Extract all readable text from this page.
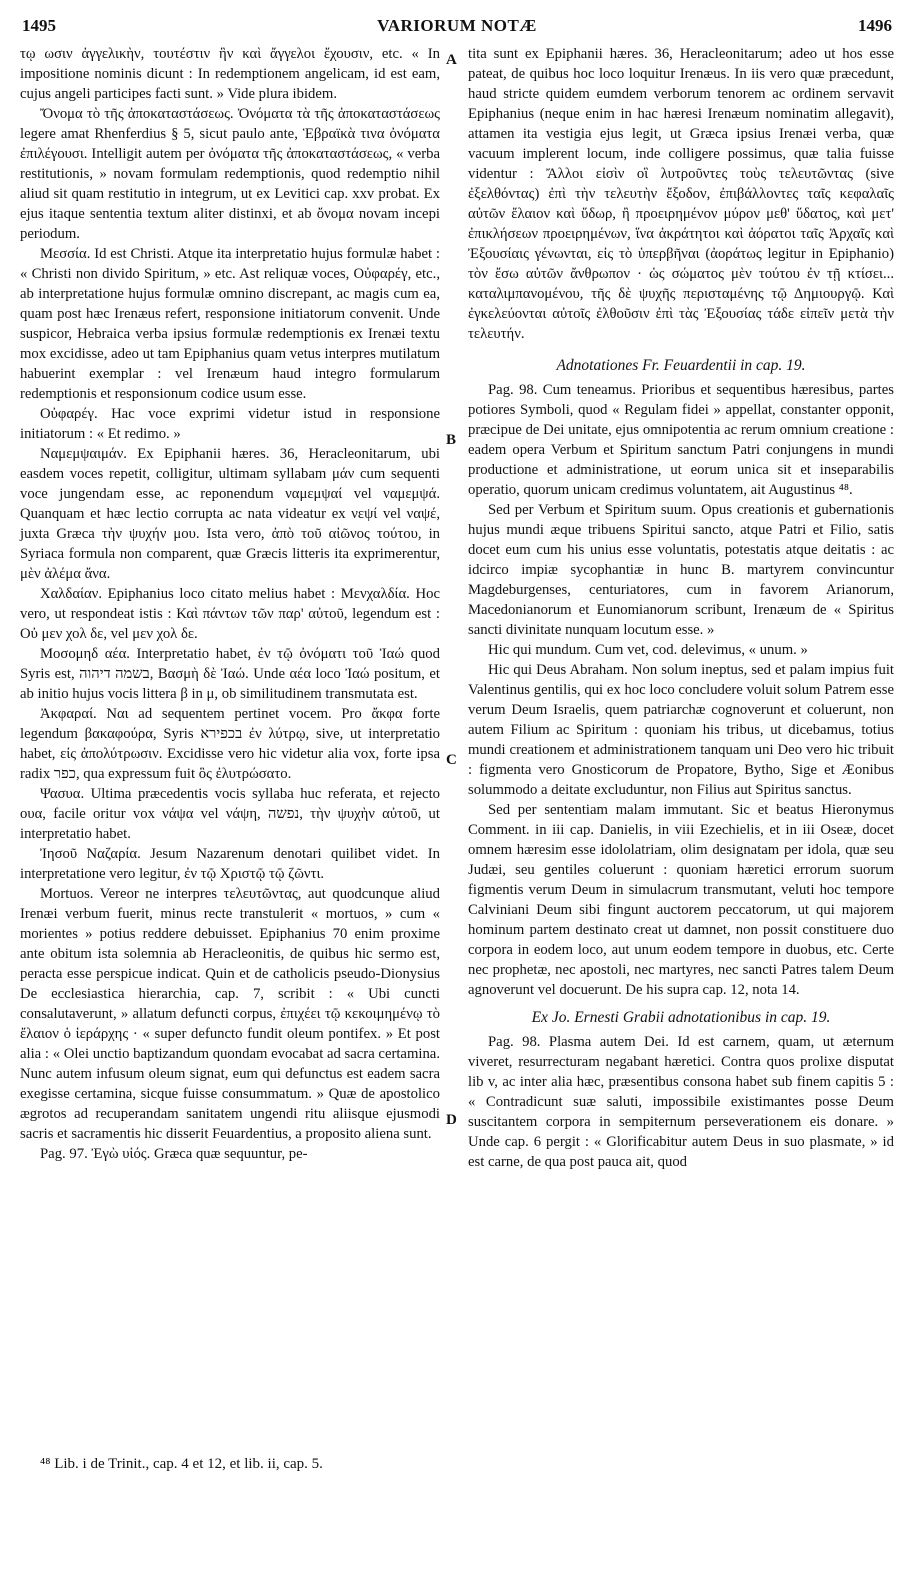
1495	VARIORUM NOTÆ	1496
A
B
C
D

τῳ ωσιν ἀγγελικὴν, τουτέστιν ἣν καὶ ἄγγελοι ἔχουσιν, etc. « In impositione nominis dicunt : In redemptionem angelicam, id est eam, cujus angeli participes facti sunt. » Vide plura ibidem.

Ὄνομα τὸ τῆς ἀποκαταστάσεως. Ὀνόματα τὰ τῆς ἀποκαταστάσεως legere amat Rhenferdius § 5, sicut paulo ante, Ἑβραϊκὰ τινα ὀνόματα ἐπιλέγουσι. Intelligit autem per ὀνόματα τῆς ἀποκαταστάσεως, « verba restitutionis, » novam formulam redemptionis, quod redemptio nihil aliud sit quam restitutio in integrum, ut ex Levitici cap. xxv probat. Ex ejus itaque sententia textum aliter distinxi, et ab ὄνομα novam incepi periodum.

Μεσσία. Id est Christi. Atque ita interpretatio hujus formulæ habet : « Christi non divido Spiritum, » etc. Ast reliquæ voces, Οὐφαρέγ, etc., ab interpretatione hujus formulæ omnino discrepant, ac magis cum ea, quam post hæc Irenæus refert, responsione initiatorum convenit. Unde suspicor, Hebraica verba ipsius formulæ redemptionis ex Irenæi textu mox excidisse, adeo ut tam Epiphanius quam vetus interpres mutilatum habuerint exemplar : vel Irenæum haud integro formularum redemptionis et responsionum codice usum esse.

Οὐφαρέγ. Hac voce exprimi videtur istud in responsione initiatorum : « Et redimo. »

Ναμεμψαιμάν. Ex Epiphanii hæres. 36, Heracleonitarum, ubi easdem voces repetit, colligitur, ultimam syllabam μάν cum sequenti voce jungendam esse, ac reponendum ναμεμψαί vel ναμεμψά. Quanquam et hæc lectio corrupta ac nata videatur ex νεψί vel ναψέ, juxta Græca τὴν ψυχήν μου. Ista vero, ἀπὸ τοῦ αἰῶνος τούτου, in Syriaca formula non comparent, quæ Græcis litteris ita exprimerentur, μὲν ἀλέμα ἄνα.

Χαλδαίαν. Epiphanius loco citato melius habet : Μενχαλδία. Hoc vero, ut respondeat istis : Καὶ πάντων τῶν παρ' αὐτοῦ, legendum est : Οὐ μεν χολ δε, vel μεν χολ δε.

Μοσομηδ αέα. Interpretatio habet, ἐν τῷ ὀνόματι τοῦ Ἰαώ quod Syris est, בשמה דיהוה, Βασμὴ δὲ Ἰαώ. Unde αέα loco Ἰαώ positum, et ab initio hujus vocis littera β in μ, ob similitudinem transmutata est.

Ἀκφαραί. Ναι ad sequentem pertinet vocem. Pro ἄκφα forte legendum βακαφούρα, Syris בכפירא ἐν λύτρῳ, sive, ut interpretatio habet, εἰς ἀπολύτρωσιν. Excidisse vero hic videtur alia vox, forte ipsa radix כפר, qua expressum fuit ὃς ἐλυτρώσατο.

Ψασυα. Ultima præcedentis vocis syllaba huc referata, et rejecto ουα, facile oritur vox νάψα vel νάψη, נפשה, τὴν ψυχὴν αὐτοῦ, ut interpretatio habet.

Ἰησοῦ Ναζαρία. Jesum Nazarenum denotari quilibet videt. In interpretatione vero legitur, ἐν τῷ Χριστῷ τῷ ζῶντι.

Mortuos. Vereor ne interpres τελευτῶντας, aut quodcunque aliud Irenæi verbum fuerit, minus recte transtulerit « mortuos, » cum « morientes » potius reddere debuisset. Epiphanius 70 enim proxime ante obitum ista solemnia ab Heracleonitis, de quibus hic sermo est, peracta esse perspicue indicat. Quin et de catholicis pseudo-Dionysius De ecclesiastica hierarchia, cap. 7, scribit : « Ubi cuncti consalutaverunt, » allatum defuncti corpus, ἐπιχέει τῷ κεκοιμημένῳ τὸ ἔλαιον ὁ ἱεράρχης · « super defuncto fundit oleum pontifex. » Et post alia : « Olei unctio baptizandum quondam evocabat ad sacra certamina. Nunc autem infusum oleum signat, eum qui defunctus est eadem sacra exegisse certamina, sicque fuisse consummatum. » Quæ de apostolico ægrotos ad recuperandam sanitatem ungendi ritu aliisque ejusmodi sacris et sacramentis hic disserit Feuardentius, a proposito aliena sunt.

Pag. 97. Ἐγὼ υἱός. Græca quæ sequuntur, pe-

tita sunt ex Epiphanii hæres. 36, Heracleonitarum; adeo ut hos esse pateat, de quibus hoc loco loquitur Irenæus. In iis vero quæ præcedunt, haud stricte quidem eumdem verborum tenorem ac ordinem servavit Epiphanius (neque enim in hac hæresi Irenæum nominatim allegavit), attamen ita vestigia ejus legit, ut Græca ipsius Irenæi verba, quæ vacuum implerent locum, inde colligere possimus, quæ talia fuisse videntur : Ἄλλοι εἰσὶν οἳ λυτροῦντες τοὺς τελευτῶντας (sive ἐξελθόντας) ἐπὶ τὴν τελευτὴν ἔξοδον, ἐπιβάλλοντες ταῖς κεφαλαῖς αὐτῶν ἔλαιον καὶ ὕδωρ, ἢ προειρημένον μύρον μεθ' ὕδατος, καὶ μετ' ἐπικλήσεων προειρημένων, ἵνα ἀκράτητοι καὶ ἀόρατοι ταῖς Ἀρχαῖς καὶ Ἐξουσίαις γένωνται, εἰς τὸ ὑπερβῆναι (ἀοράτως legitur in Epiphanio) τὸν ἔσω αὐτῶν ἄνθρωπον · ὡς σώματος μὲν τούτου ἐν τῇ κτίσει... καταλιμπανομένου, τῆς δὲ ψυχῆς περισταμένης τῷ Δημιουργῷ. Καὶ ἐγκελεύονται αὐτοῖς ἐλθοῦσιν ἐπὶ τὰς Ἐξουσίας τάδε εἰπεῖν μετὰ τὴν τελευτήν.

Adnotationes Fr. Feuardentii in cap. 19.

Pag. 98. Cum teneamus. Prioribus et sequentibus hæresibus, partes potiores Symboli, quod « Regulam fidei » appellat, constanter opponit, præcipue de Dei unitate, ejus omnipotentia ac rerum omnium creatione : eadem opera Verbum et Spiritum sanctum Patri conjungens in mundi productione et administratione, ut eorum unica sit et inseparabilis operatio, quorum unicam credimus voluntatem, ait Augustinus ⁴⁸.

Sed per Verbum et Spiritum suum. Opus creationis et gubernationis hujus mundi æque tribuens Spiritui sancto, atque Patri et Filio, satis docet eum cum his unius esse voluntatis, potestatis atque deitatis : ac idcirco impiæ sycophantiæ in hunc B. martyrem convincuntur Magdeburgenses, centuriatores, cum in favorem Arianorum, Macedonianorum et Eunomianorum scribunt, Irenæum de « Spiritus sancti divinitate nunquam locutum esse. »

Hic qui mundum. Cum vet, cod. delevimus, « unum. »

Hic qui Deus Abraham. Non solum ineptus, sed et palam impius fuit Valentinus gentilis, qui ex hoc loco concludere voluit solum Patrem esse verum Deum Israelis, quem patriarchæ cognoverunt et coluerunt, non autem Filium ac Spiritum : quoniam his tribus, ut dicebamus, totius mundi creationem et administrationem tanquam uni Deo vero hic tribuit : figmenta vero Gnosticorum de Propatore, Bytho, Sige et Æonibus solummodo a deitate excluduntur, non Filius aut Spiritus sanctus.

Sed per sententiam malam immutant. Sic et beatus Hieronymus Comment. in iii cap. Danielis, in viii Ezechielis, et in iii Oseæ, docet omnem hæresim esse idololatriam, olim designatam per idola, quæ seu Judæi, seu gentiles coluerunt : quoniam hæretici errorum suorum figmentis verum Deum in simulacrum transmutant, veluti hoc tempore Calviniani Deum sibi fingunt auctorem peccatorum, ut qui majorem hominum partem destinato creat ut damnet, non possit constituere duo corpora in eodem loco, aut unum eodem tempore in duobus, etc. Certe nec prophetæ, nec apostoli, nec martyres, nec sancti Patres talem Deum agnoverunt vel docuerunt. De his supra cap. 12, nota 14.

Ex Jo. Ernesti Grabii adnotationibus in cap. 19.

Pag. 98. Plasma autem Dei. Id est carnem, quam, ut æternum viveret, resurrecturam negabant hæretici. Contra quos prolixe disputat lib v, ac inter alia hæc, præsentibus consona habet sub finem capitis 5 : « Contradicunt suæ saluti, impossibile existimantes posse Deum suscitantem corpora in sempiternum perseverationem eis donare. » Unde cap. 6 pergit : « Glorificabitur autem Deus in suo plasmate, » id est carne, de qua post pauca ait, quod

⁴⁸ Lib. i de Trinit., cap. 4 et 12, et lib. ii, cap. 5.
